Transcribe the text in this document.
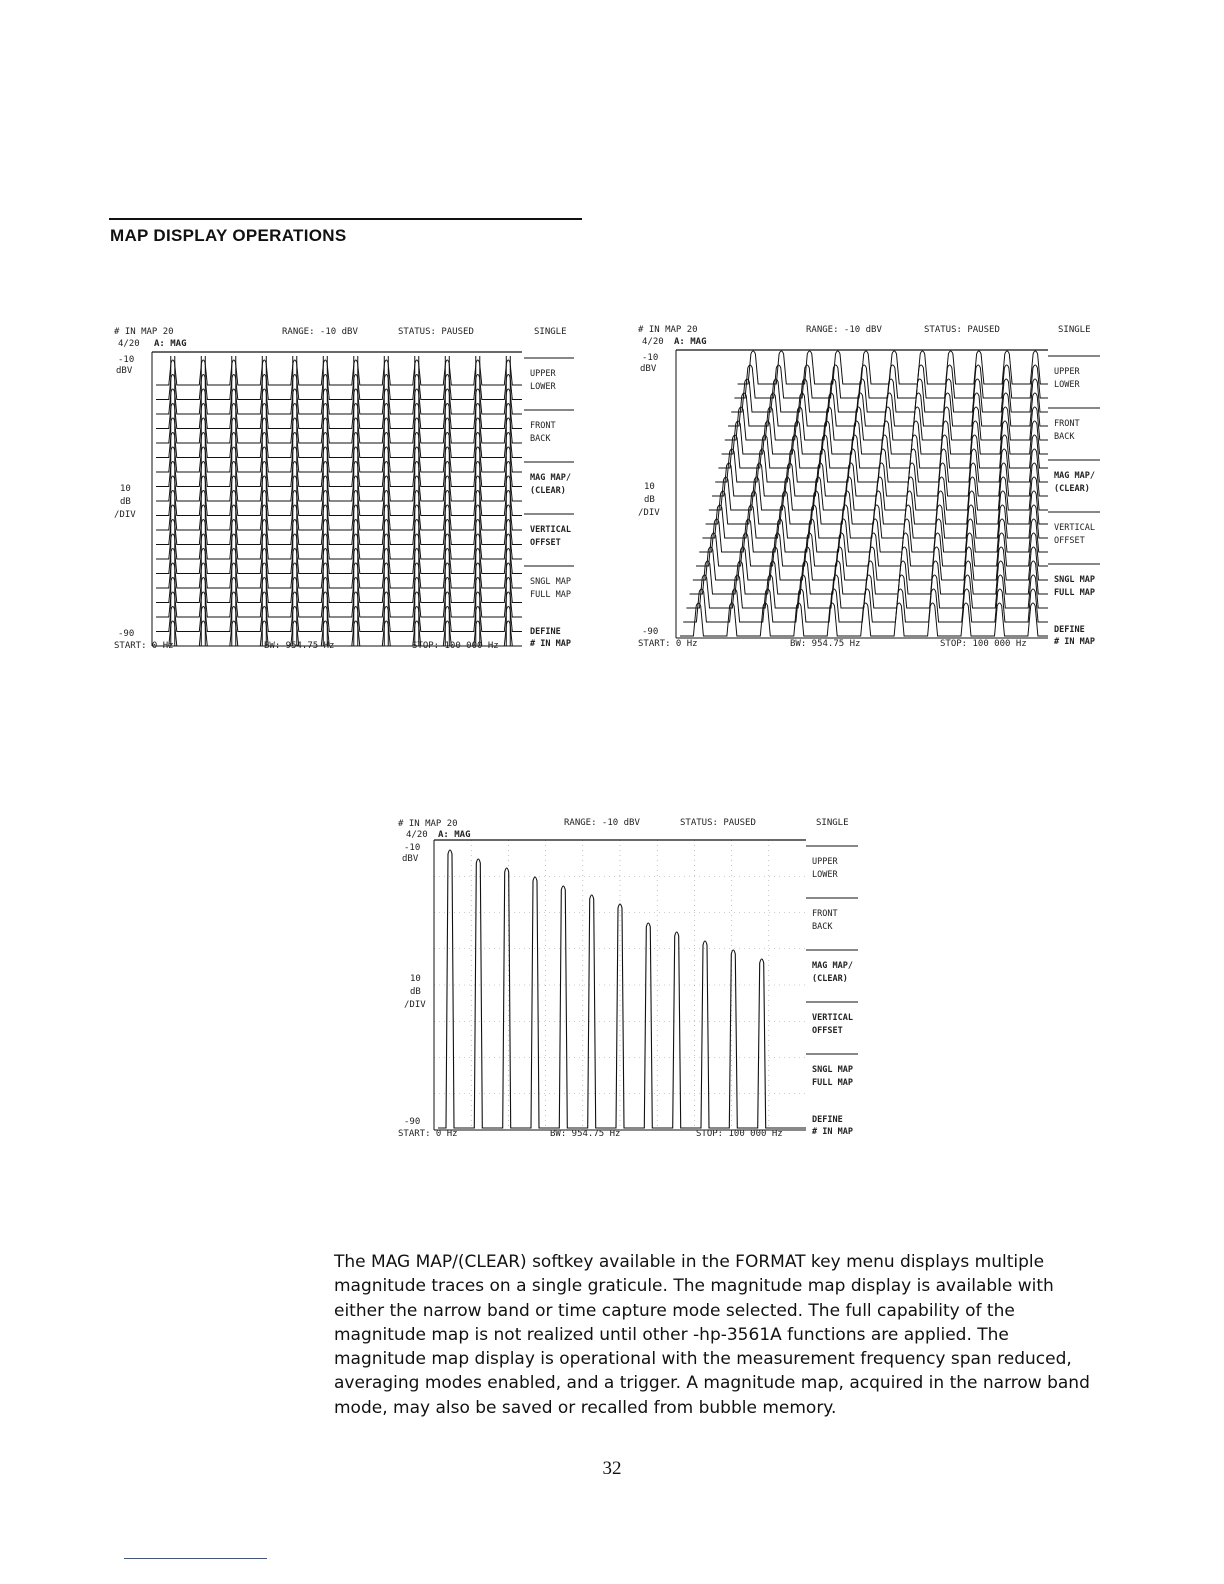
MAP DISPLAY OPERATIONS
# IN MAP 20
4/20 A: MAG
RANGE: -10 dBV	STATUS: PAUSED	SINGLE
-10
dBV
10
dB
/DIV
-90
START: 0 Hz	BW: 954.75 Hz	STOP: 100 000 Hz
UPPER
LOWER
FRONT
BACK
MAG MAP/
(CLEAR)
VERTICAL
OFFSET
SNGL MAP
FULL MAP
DEFINE
# IN MAP
# IN MAP 20
4/20 A: MAG
RANGE: -10 dBV	STATUS: PAUSED	SINGLE
-10
dBV
10
dB
/DIV
-90
START: 0 Hz	BW: 954.75 Hz	STOP: 100 000 Hz
UPPER
LOWER
FRONT
BACK
MAG MAP/
(CLEAR)
VERTICAL
OFFSET
SNGL MAP
FULL MAP
DEFINE
# IN MAP
# IN MAP 20
4/20 A: MAG
RANGE: -10 dBV	STATUS: PAUSED	SINGLE
-10
dBV
10
dB
/DIV
-90
START: 0 Hz	BW: 954.75 Hz	STOP: 100 000 Hz
UPPER
LOWER
FRONT
BACK
MAG MAP/
(CLEAR)
VERTICAL
OFFSET
SNGL MAP
FULL MAP
DEFINE
# IN MAP

The MAG MAP/(CLEAR) softkey available in the FORMAT key menu displays multiple magnitude traces on a single graticule. The magnitude map display is available with either the narrow band or time capture mode selected. The full capability of the magnitude map is not realized until other -hp-3561A functions are applied. The magnitude map display is operational with the measurement frequency span reduced, averaging modes enabled, and a trigger. A magnitude map, acquired in the narrow band mode, may also be saved or recalled from bubble memory.

32
